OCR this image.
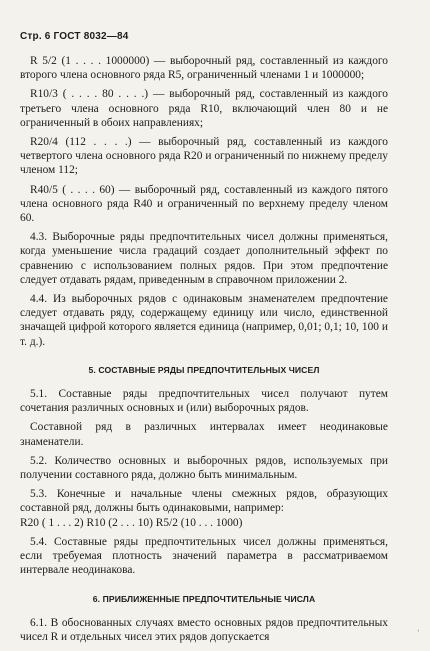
Стр. 6 ГОСТ 8032—84

R 5/2 (1 . . . . 1000000) — выборочный ряд, составленный из каждого второго члена основного ряда R5, ограниченный членами 1 и 1000000;

R10/3 ( . . . . 80 . . . .) — выборочный ряд, составленный из каждого третьего члена основного ряда R10, включающий член 80 и не ограниченный в обоих направлениях;

R20/4 (112 . . . .) — выборочный ряд, составленный из каждого четвертого члена основного ряда R20 и ограниченный по нижнему пределу членом 112;

R40/5 ( . . . . 60) — выборочный ряд, составленный из каждого пятого члена основного ряда R40 и ограниченный по верхнему пределу членом 60.

4.3. Выборочные ряды предпочтительных чисел должны применяться, когда уменьшение числа градаций создает дополнительный эффект по сравнению с использованием полных рядов. При этом предпочтение следует отдавать рядам, приведенным в справочном приложении 2.

4.4. Из выборочных рядов с одинаковым знаменателем предпочтение следует отдавать ряду, содержащему единицу или число, единственной значащей цифрой которого является единица (например, 0,01; 0,1; 10, 100 и т. д.).

5. СОСТАВНЫЕ РЯДЫ ПРЕДПОЧТИТЕЛЬНЫХ ЧИСЕЛ

5.1. Составные ряды предпочтительных чисел получают путем сочетания различных основных и (или) выборочных рядов.

Составной ряд в различных интервалах имеет неодинаковые знаменатели.

5.2. Количество основных и выборочных рядов, используемых при получении составного ряда, должно быть минимальным.

5.3. Конечные и начальные члены смежных рядов, образующих составной ряд, должны быть одинаковыми, например:

R20 ( 1 . . . 2) R10 (2 . . . 10) R5/2 (10 . . . 1000)

5.4. Составные ряды предпочтительных чисел должны применяться, если требуемая плотность значений параметра в рассматриваемом интервале неодинакова.

6. ПРИБЛИЖЕННЫЕ ПРЕДПОЧТИТЕЛЬНЫЕ ЧИСЛА

6.1. В обоснованных случаях вместо основных рядов предпочтительных чисел R и отдельных чисел этих рядов допускается	ʻ
